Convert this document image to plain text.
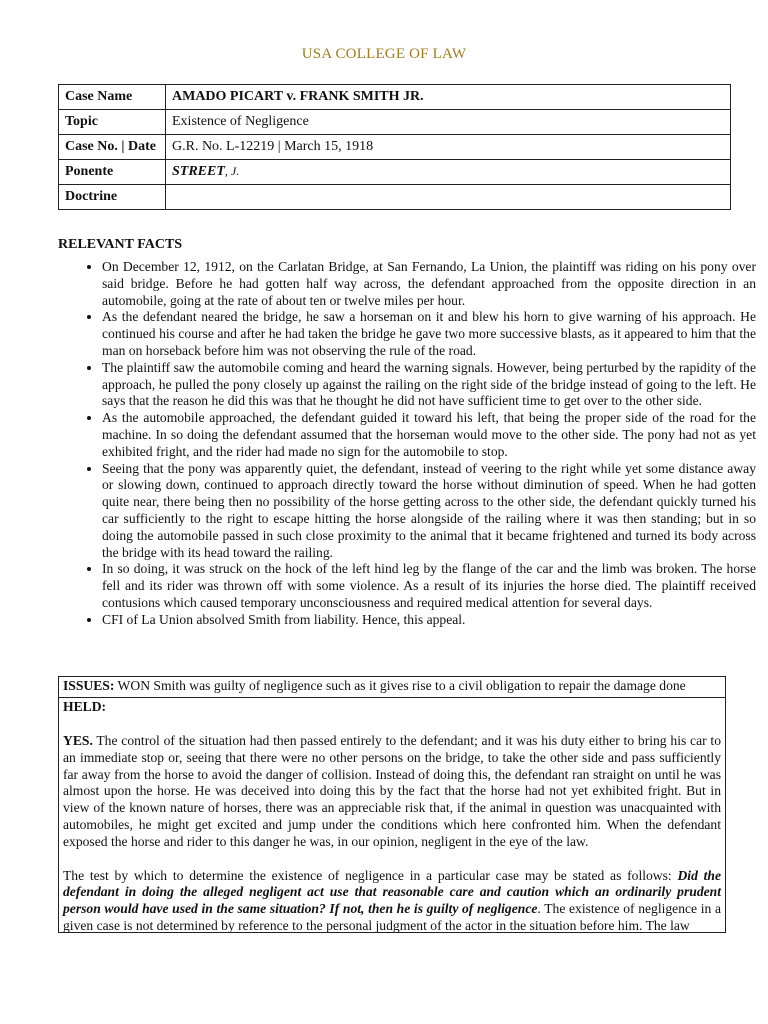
USA COLLEGE OF LAW
Case Name	AMADO PICART v. FRANK SMITH JR.
Topic	Existence of Negligence
Case No. | Date	G.R. No. L-12219 | March 15, 1918
Ponente	STREET, J.
Doctrine	
RELEVANT FACTS
• On December 12, 1912, on the Carlatan Bridge, at San Fernando, La Union, the plaintiff was riding on his pony over said bridge. Before he had gotten half way across, the defendant approached from the opposite direction in an automobile, going at the rate of about ten or twelve miles per hour.
• As the defendant neared the bridge, he saw a horseman on it and blew his horn to give warning of his approach. He continued his course and after he had taken the bridge he gave two more successive blasts, as it appeared to him that the man on horseback before him was not observing the rule of the road.
• The plaintiff saw the automobile coming and heard the warning signals. However, being perturbed by the rapidity of the approach, he pulled the pony closely up against the railing on the right side of the bridge instead of going to the left. He says that the reason he did this was that he thought he did not have sufficient time to get over to the other side.
• As the automobile approached, the defendant guided it toward his left, that being the proper side of the road for the machine. In so doing the defendant assumed that the horseman would move to the other side. The pony had not as yet exhibited fright, and the rider had made no sign for the automobile to stop.
• Seeing that the pony was apparently quiet, the defendant, instead of veering to the right while yet some distance away or slowing down, continued to approach directly toward the horse without diminution of speed. When he had gotten quite near, there being then no possibility of the horse getting across to the other side, the defendant quickly turned his car sufficiently to the right to escape hitting the horse alongside of the railing where it was then standing; but in so doing the automobile passed in such close proximity to the animal that it became frightened and turned its body across the bridge with its head toward the railing.
• In so doing, it was struck on the hock of the left hind leg by the flange of the car and the limb was broken. The horse fell and its rider was thrown off with some violence. As a result of its injuries the horse died. The plaintiff received contusions which caused temporary unconsciousness and required medical attention for several days.
• CFI of La Union absolved Smith from liability. Hence, this appeal.
ISSUES: WON Smith was guilty of negligence such as it gives rise to a civil obligation to repair the damage done
HELD:

YES. The control of the situation had then passed entirely to the defendant; and it was his duty either to bring his car to an immediate stop or, seeing that there were no other persons on the bridge, to take the other side and pass sufficiently far away from the horse to avoid the danger of collision. Instead of doing this, the defendant ran straight on until he was almost upon the horse. He was deceived into doing this by the fact that the horse had not yet exhibited fright. But in view of the known nature of horses, there was an appreciable risk that, if the animal in question was unacquainted with automobiles, he might get excited and jump under the conditions which here confronted him. When the defendant exposed the horse and rider to this danger he was, in our opinion, negligent in the eye of the law.

The test by which to determine the existence of negligence in a particular case may be stated as follows: Did the defendant in doing the alleged negligent act use that reasonable care and caution which an ordinarily prudent person would have used in the same situation? If not, then he is guilty of negligence. The existence of negligence in a given case is not determined by reference to the personal judgment of the actor in the situation before him. The law
